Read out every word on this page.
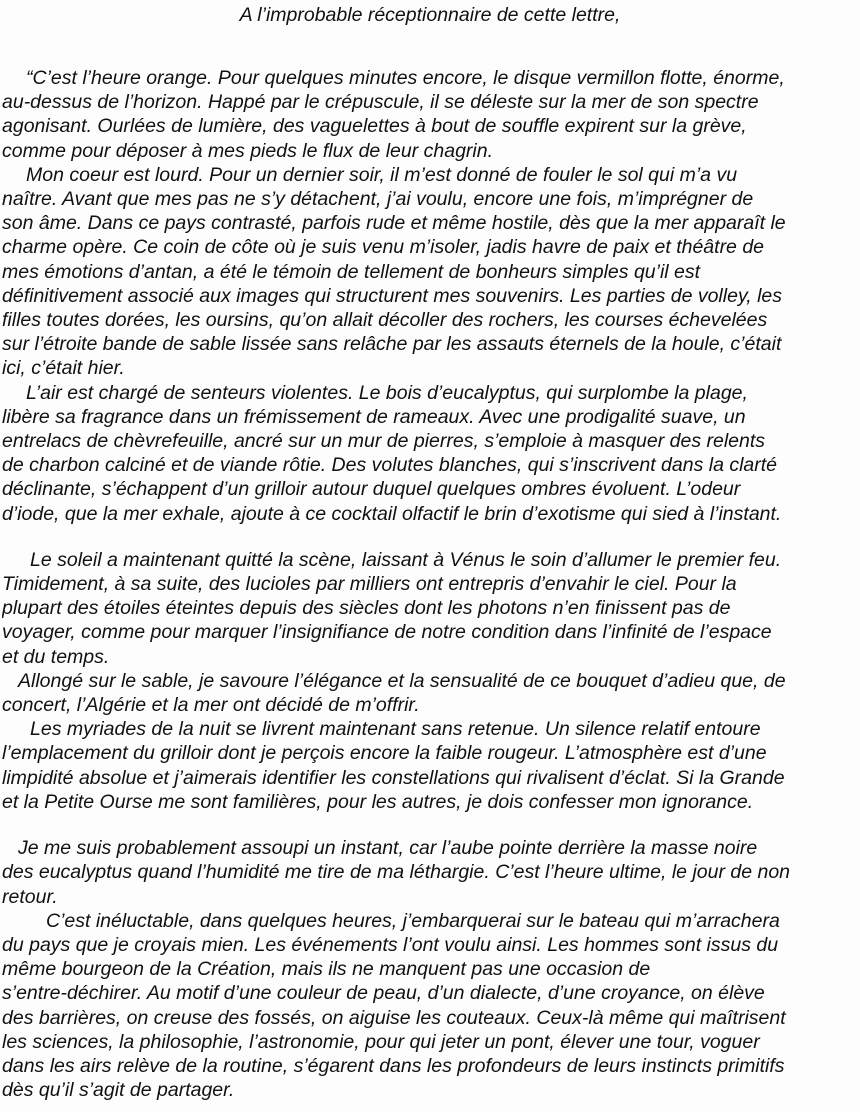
A l’improbable réceptionnaire de cette lettre,
“C’est l’heure orange. Pour quelques minutes encore, le disque vermillon flotte, énorme,
au-dessus de l’horizon. Happé par le crépuscule, il se déleste sur la mer de son spectre
agonisant. Ourlées de lumière, des vaguelettes à bout de souffle expirent sur la grève,
comme pour déposer à mes pieds le flux de leur chagrin.
Mon coeur est lourd. Pour un dernier soir, il m’est donné de fouler le sol qui m’a vu
naître. Avant que mes pas ne s’y détachent, j’ai voulu, encore une fois, m’imprégner de
son âme. Dans ce pays contrasté, parfois rude et même hostile, dès que la mer apparaît le
charme opère. Ce coin de côte où je suis venu m’isoler, jadis havre de paix et théâtre de
mes émotions d’antan, a été le témoin de tellement de bonheurs simples qu’il est
définitivement associé aux images qui structurent mes souvenirs. Les parties de volley, les
filles toutes dorées, les oursins, qu’on allait décoller des rochers, les courses échevelées
sur l’étroite bande de sable lissée sans relâche par les assauts éternels de la houle, c’était
ici, c’était hier.
L’air est chargé de senteurs violentes. Le bois d’eucalyptus, qui surplombe la plage,
libère sa fragrance dans un frémissement de rameaux. Avec une prodigalité suave, un
entrelacs de chèvrefeuille, ancré sur un mur de pierres, s’emploie à masquer des relents
de charbon calciné et de viande rôtie. Des volutes blanches, qui s’inscrivent dans la clarté
déclinante, s’échappent d’un grilloir autour duquel quelques ombres évoluent. L’odeur
d’iode, que la mer exhale, ajoute à ce cocktail olfactif le brin d’exotisme qui sied à l’instant.
Le soleil a maintenant quitté la scène, laissant à Vénus le soin d’allumer le premier feu.
Timidement, à sa suite, des lucioles par milliers ont entrepris d’envahir le ciel. Pour la
plupart des étoiles éteintes depuis des siècles dont les photons n’en finissent pas de
voyager, comme pour marquer l’insignifiance de notre condition dans l’infinité de l’espace
et du temps.
Allongé sur le sable, je savoure l’élégance et la sensualité de ce bouquet d’adieu que, de
concert, l’Algérie et la mer ont décidé de m’offrir.
Les myriades de la nuit se livrent maintenant sans retenue. Un silence relatif entoure
l’emplacement du grilloir dont je perçois encore la faible rougeur. L’atmosphère est d’une
limpidité absolue et j’aimerais identifier les constellations qui rivalisent d’éclat. Si la Grande
et la Petite Ourse me sont familières, pour les autres, je dois confesser mon ignorance.
Je me suis probablement assoupi un instant, car l’aube pointe derrière la masse noire
des eucalyptus quand l’humidité me tire de ma léthargie. C’est l’heure ultime, le jour de non
retour.
C’est inéluctable, dans quelques heures, j’embarquerai sur le bateau qui m’arrachera
du pays que je croyais mien. Les événements l’ont voulu ainsi. Les hommes sont issus du
même bourgeon de la Création, mais ils ne manquent pas une occasion de
s’entre-déchirer. Au motif d’une couleur de peau, d’un dialecte, d’une croyance, on élève
des barrières, on creuse des fossés, on aiguise les couteaux. Ceux-là même qui maîtrisent
les sciences, la philosophie, l’astronomie, pour qui jeter un pont, élever une tour, voguer
dans les airs relève de la routine, s’égarent dans les profondeurs de leurs instincts primitifs
dès qu’il s’agit de partager.
